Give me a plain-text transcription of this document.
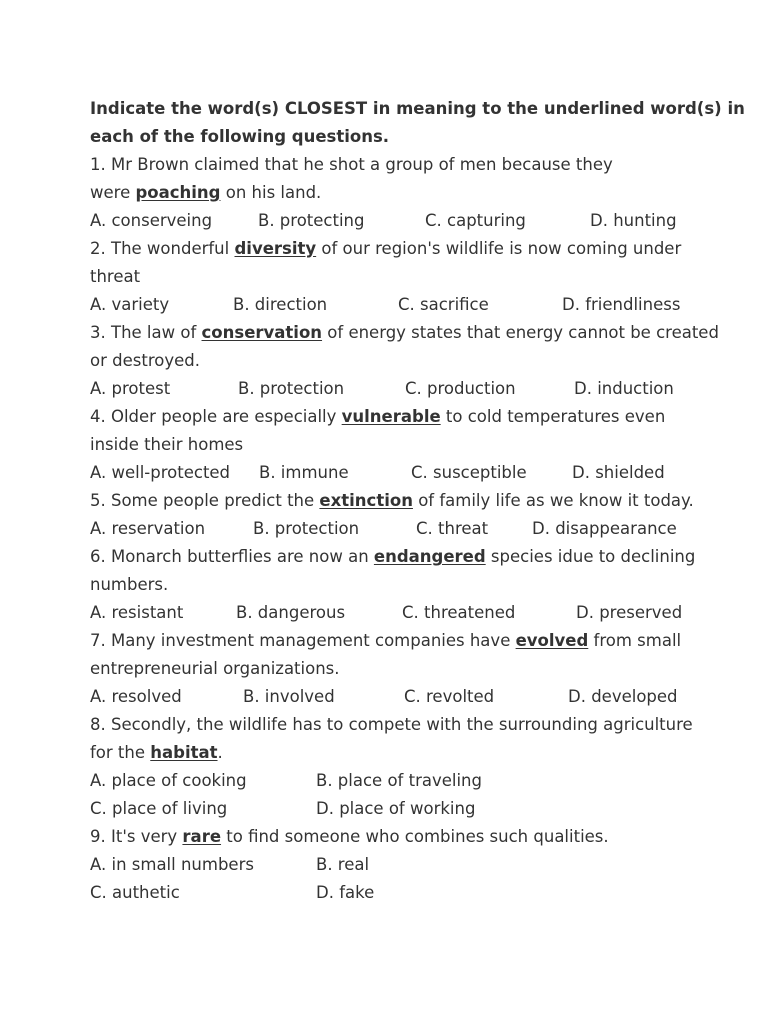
Indicate the word(s) CLOSEST in meaning to the underlined word(s) in
each of the following questions.
1. Mr Brown claimed that he shot a group of men because they
were poaching on his land.
A. conserveing	B. protecting	C. capturing	D. hunting
2. The wonderful diversity of our region's wildlife is now coming under
threat
A. variety	B. direction	C. sacrifice	D. friendliness
3. The law of conservation of energy states that energy cannot be created
or destroyed.
A. protest	B. protection	C. production	D. induction
4. Older people are especially vulnerable to cold temperatures even
inside their homes
A. well-protected B. immune	C. susceptible	D. shielded
5. Some people predict the extinction of family life as we know it today.
A. reservation	B. protection	C. threat	D. disappearance
6. Monarch butterflies are now an endangered species idue to declining
numbers.
A. resistant	B. dangerous	C. threatened	D. preserved
7. Many investment management companies have evolved from small
entrepreneurial organizations.
A. resolved	B. involved	C. revolted	D. developed
8. Secondly, the wildlife has to compete with the surrounding agriculture
for the habitat.
A. place of cooking	B. place of traveling
C. place of living	D. place of working
9. It's very rare to find someone who combines such qualities.
A. in small numbers	B. real
C. authetic	D. fake
